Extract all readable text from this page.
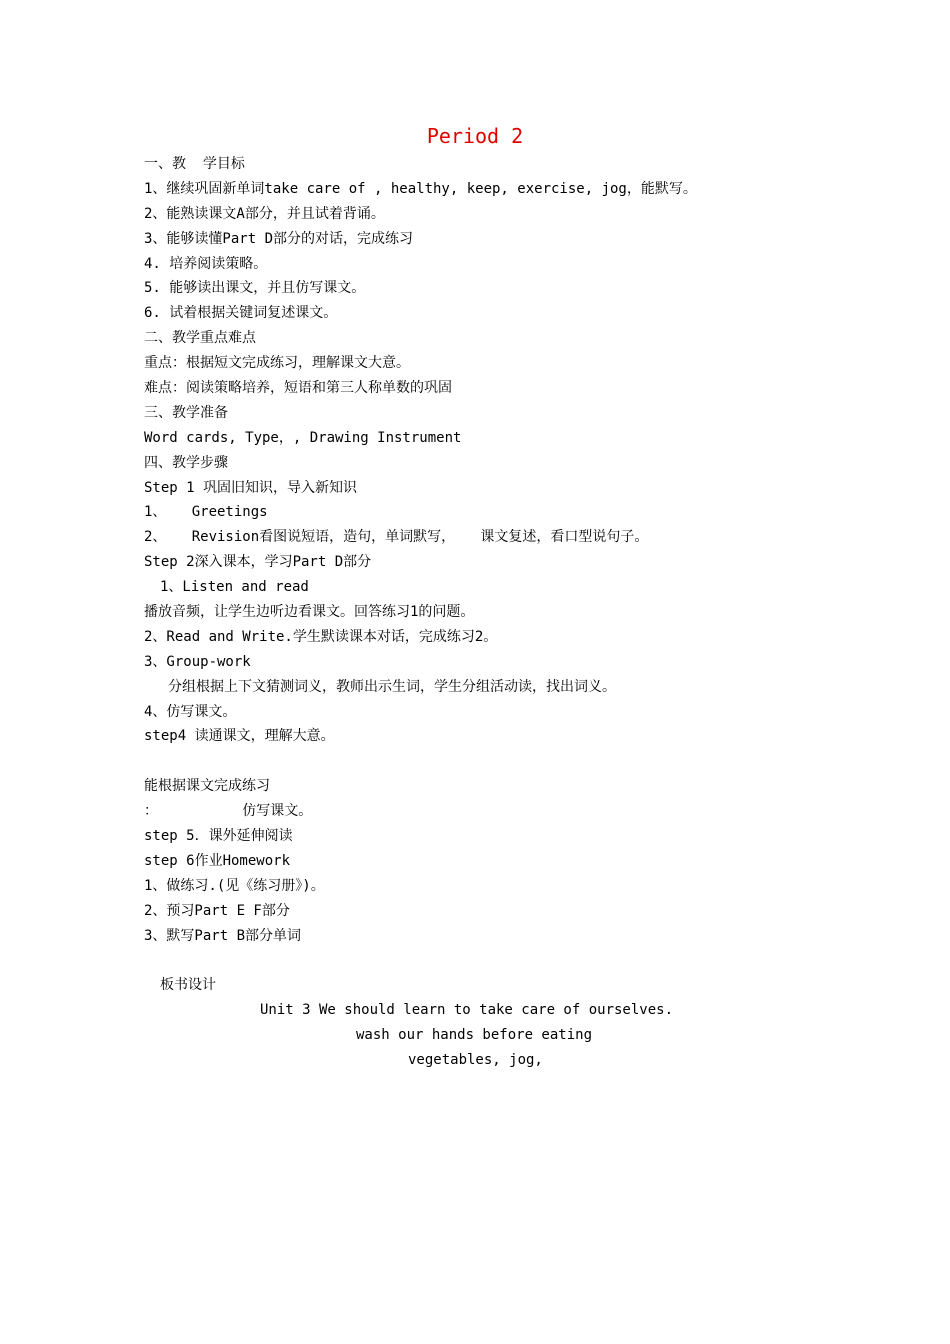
Period 2
一、教  学目标
1、继续巩固新单词take care of , healthy, keep, exercise, jog，能默写。
2、能熟读课文A部分，并且试着背诵。
3、能够读懂Part D部分的对话，完成练习
4. 培养阅读策略。
5. 能够读出课文，并且仿写课文。
6. 试着根据关键词复述课文。
二、教学重点难点
重点：根据短文完成练习，理解课文大意。
难点：阅读策略培养，短语和第三人称单数的巩固
三、教学准备
Word cards, Type，, Drawing Instrument
四、教学步骤
Step 1 巩固旧知识，导入新知识
1、   Greetings
2、   Revision看图说短语，造句，单词默写，   课文复述，看口型说句子。
Step 2深入课本，学习Part D部分
1、Listen and read
播放音频，让学生边听边看课文。回答练习1的问题。
2、Read and Write.学生默读课本对话，完成练习2。
3、Group-work
分组根据上下文猜测词义，教师出示生词，学生分组活动读，找出词义。
4、仿写课文。
step4 读通课文，理解大意。
能根据课文完成练习
：          仿写课文。
step 5．课外延伸阅读
step 6作业Homework
1、做练习.(见《练习册》)。
2、预习Part E F部分
3、默写Part B部分单词
板书设计
Unit 3 We should learn to take care of ourselves.
wash our hands before eating
vegetables, jog,
